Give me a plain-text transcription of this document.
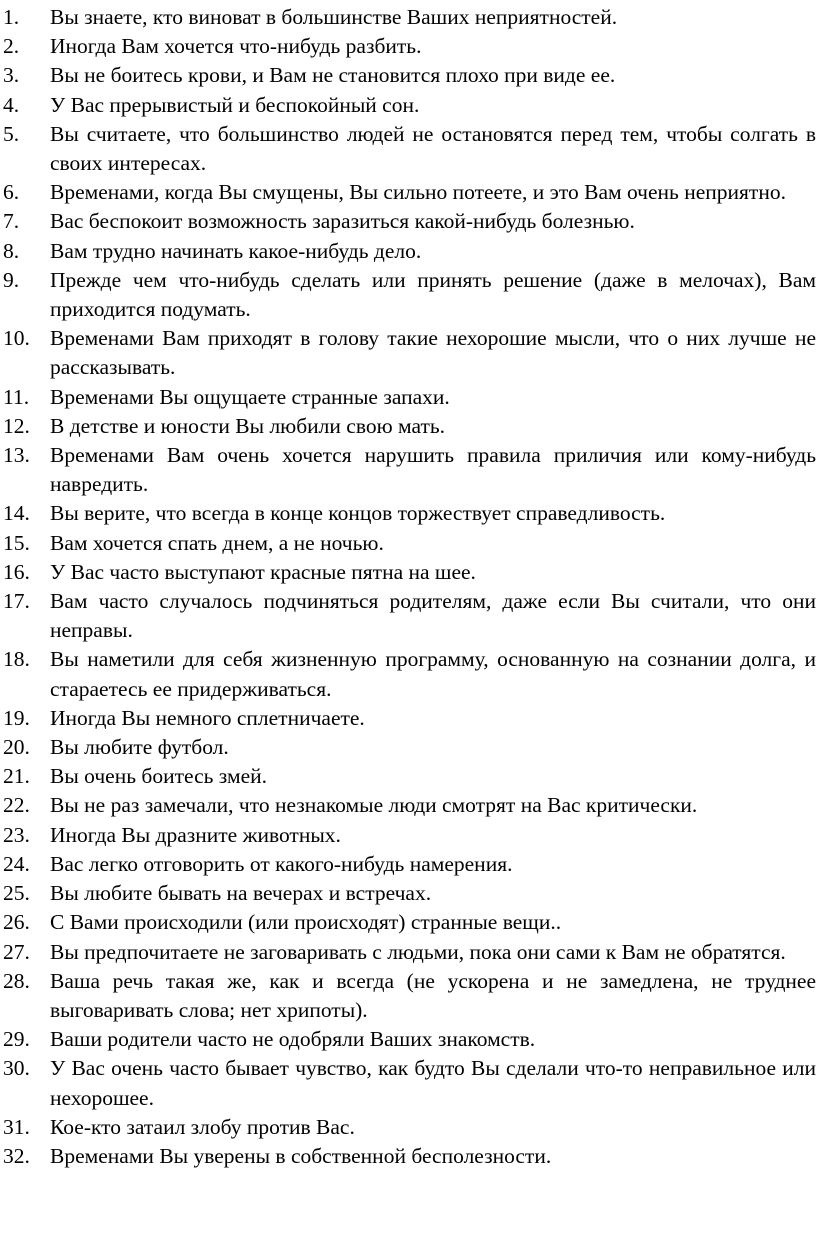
1.	Вы знаете, кто виноват в большинстве Ваших неприятностей.
2.	Иногда Вам хочется что-нибудь разбить.
3.	Вы не боитесь крови, и Вам не становится плохо при виде ее.
4.	У Вас прерывистый и беспокойный сон.
5.	Вы считаете, что большинство людей не остановятся перед тем, чтобы солгать в своих интересах.
6.	Временами, когда Вы смущены, Вы сильно потеете, и это Вам очень неприятно.
7.	Вас беспокоит возможность заразиться какой-нибудь болезнью.
8.	Вам трудно начинать какое-нибудь дело.
9.	Прежде чем что-нибудь сделать или принять решение (даже в мелочах), Вам приходится подумать.
10. Временами Вам приходят в голову такие нехорошие мысли, что о них лучше не рассказывать.
11. Временами Вы ощущаете странные запахи.
12. В детстве и юности Вы любили свою мать.
13. Временами Вам очень хочется нарушить правила приличия или кому-нибудь навредить.
14. Вы верите, что всегда в конце концов торжествует справедливость.
15. Вам хочется спать днем, а не ночью.
16. У Вас часто выступают красные пятна на шее.
17. Вам часто случалось подчиняться родителям, даже если Вы считали, что они неправы.
18. Вы наметили для себя жизненную программу, основанную на сознании долга, и стараетесь ее придерживаться.
19. Иногда Вы немного сплетничаете.
20. Вы любите футбол.
21. Вы очень боитесь змей.
22. Вы не раз замечали, что незнакомые люди смотрят на Вас критически.
23. Иногда Вы дразните животных.
24. Вас легко отговорить от какого-нибудь намерения.
25. Вы любите бывать на вечерах и встречах.
26. С Вами происходили (или происходят) странные вещи..
27. Вы предпочитаете не заговаривать с людьми, пока они сами к Вам не обратятся.
28. Ваша речь такая же, как и всегда (не ускорена и не замедлена, не труднее выговаривать слова; нет хрипоты).
29. Ваши родители часто не одобряли Ваших знакомств.
30. У Вас очень часто бывает чувство, как будто Вы сделали что-то неправильное или нехорошее.
31. Кое-кто затаил злобу против Вас.
32. Временами Вы уверены в собственной бесполезности.
